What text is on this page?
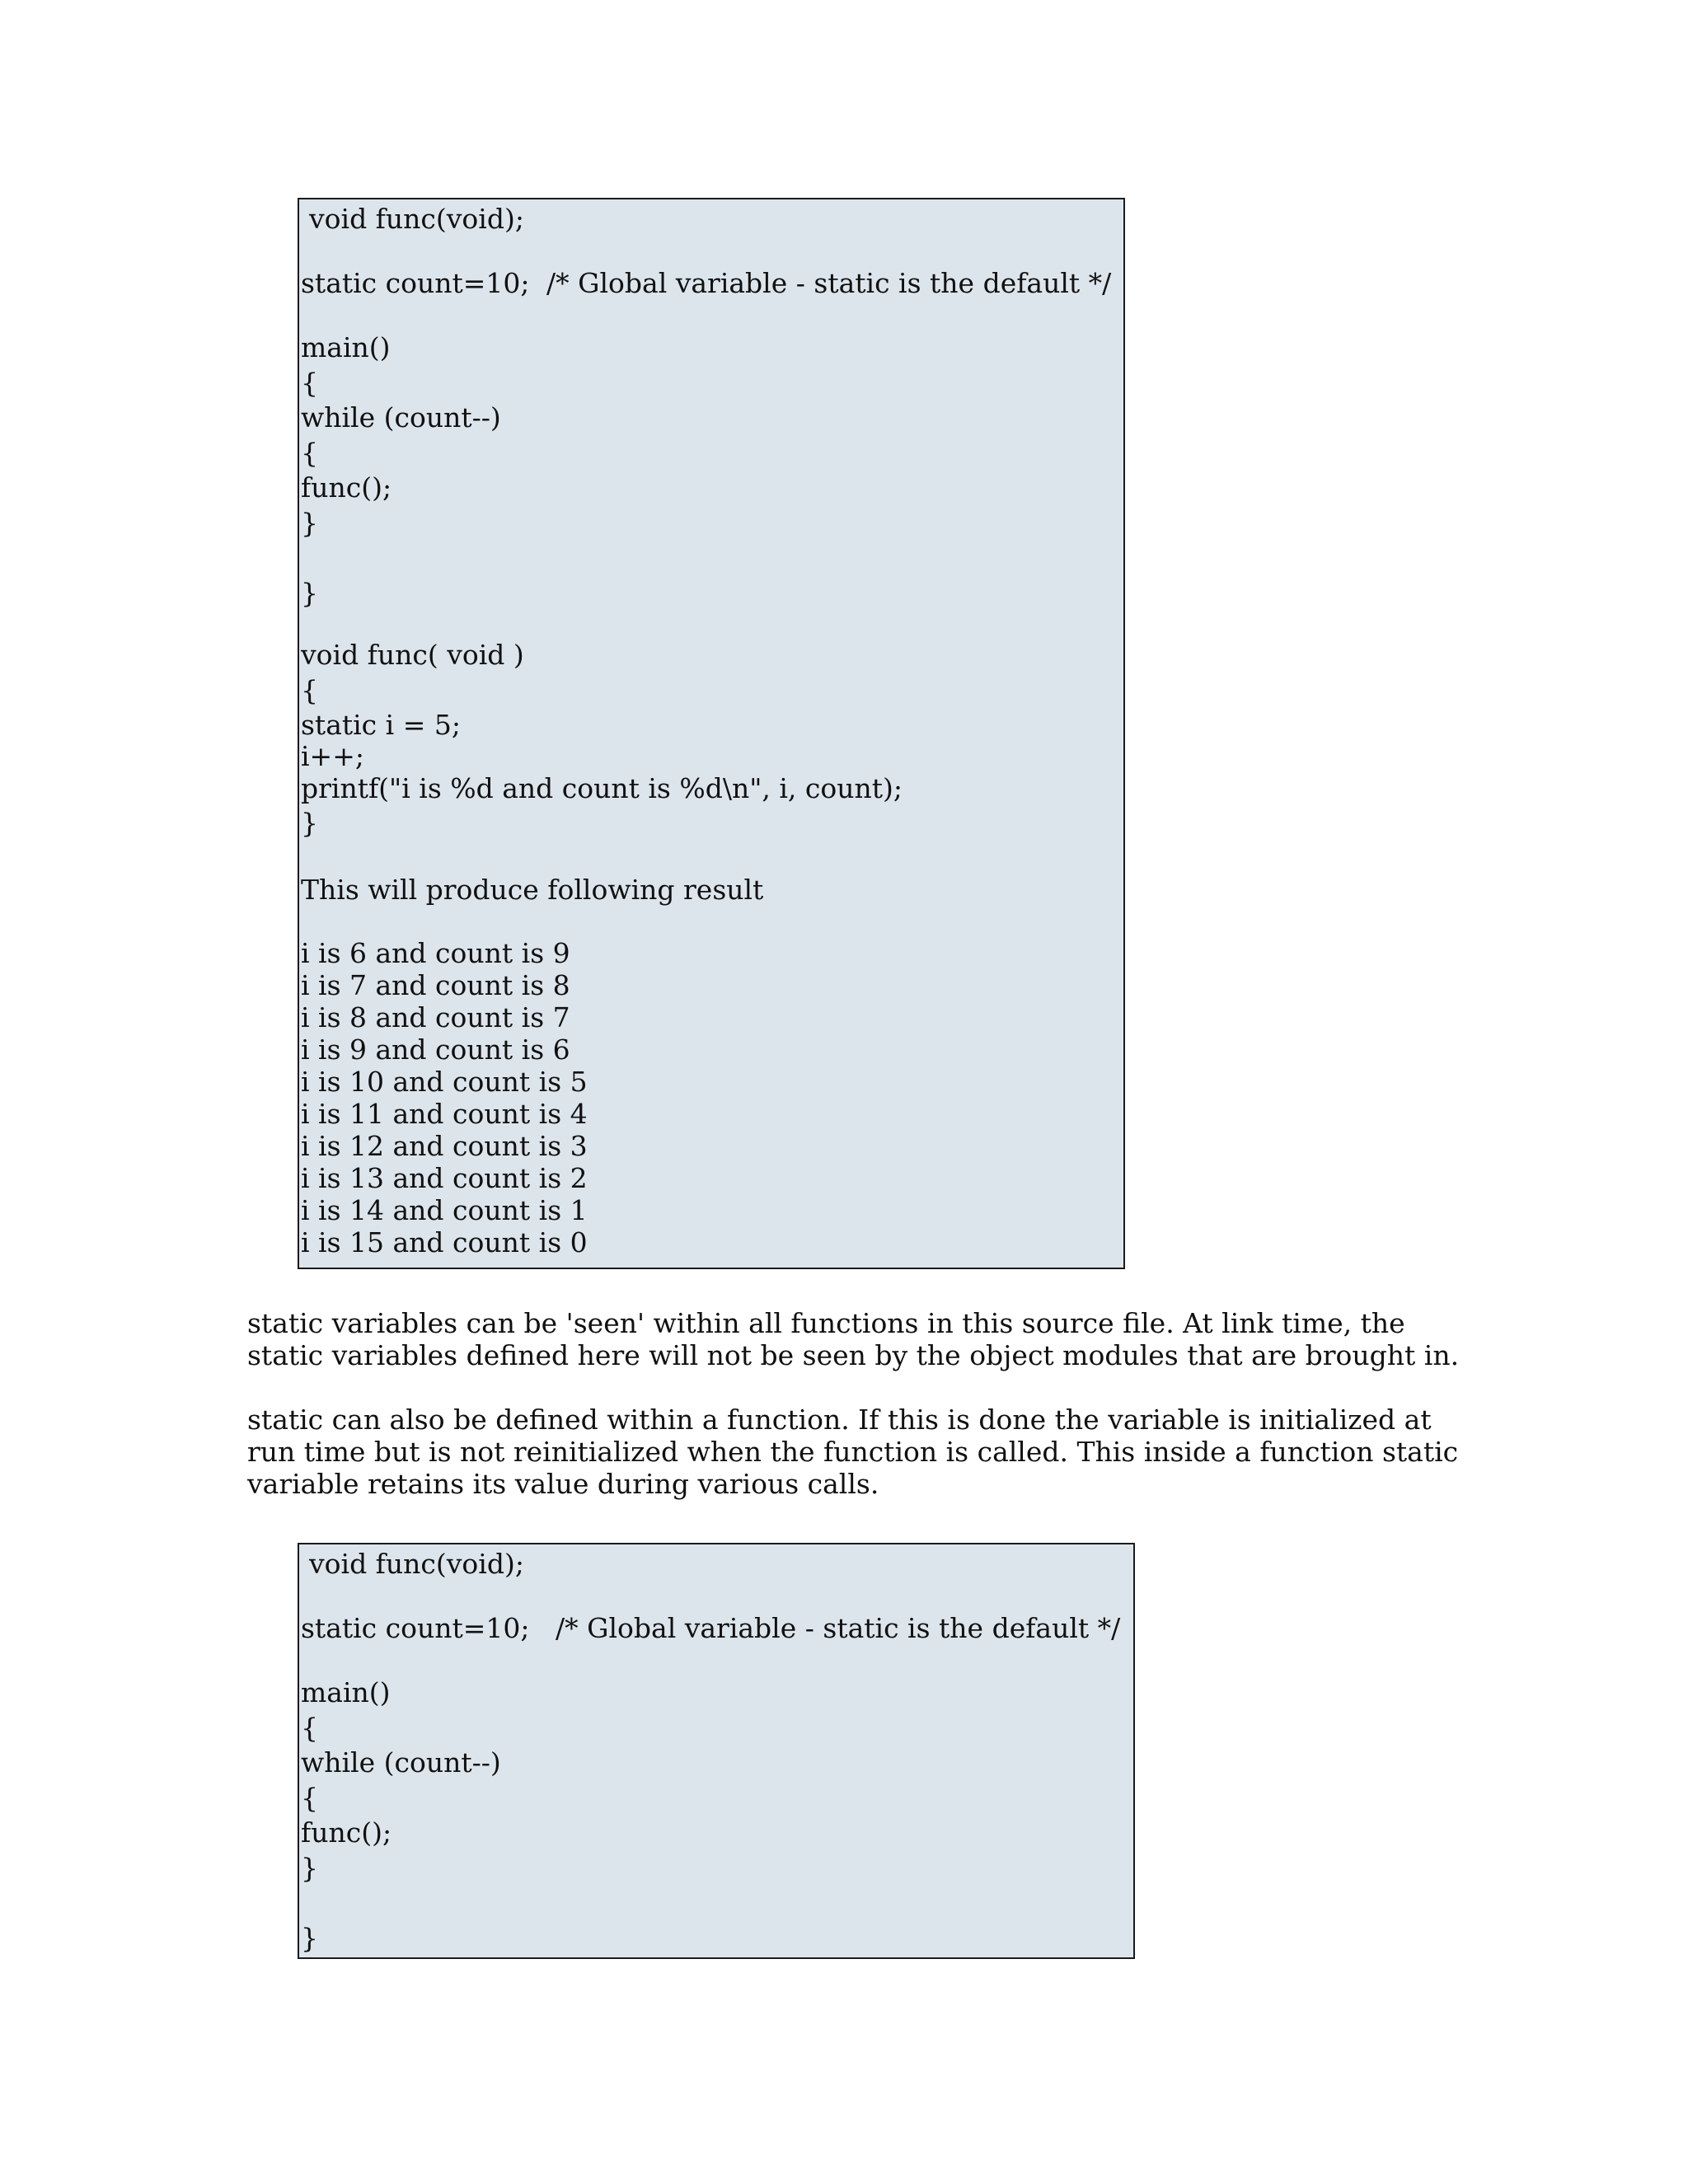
void func(void);
static count=10; /* Global variable - static is the default */
main()
{
while (count--)
{
func();
}
}
void func( void )
{
static i = 5;
i++;
printf("i is %d and count is %d\n", i, count);
}
This will produce following result
i is 6 and count is 9
i is 7 and count is 8
i is 8 and count is 7
i is 9 and count is 6
i is 10 and count is 5
i is 11 and count is 4
i is 12 and count is 3
i is 13 and count is 2
i is 14 and count is 1
i is 15 and count is 0
static variables can be 'seen' within all functions in this source file. At link time, the
static variables defined here will not be seen by the object modules that are brought in.
static can also be defined within a function. If this is done the variable is initialized at
run time but is not reinitialized when the function is called. This inside a function static
variable retains its value during various calls.
void func(void);
static count=10; /* Global variable - static is the default */
main()
{
while (count--)
{
func();
}
}
